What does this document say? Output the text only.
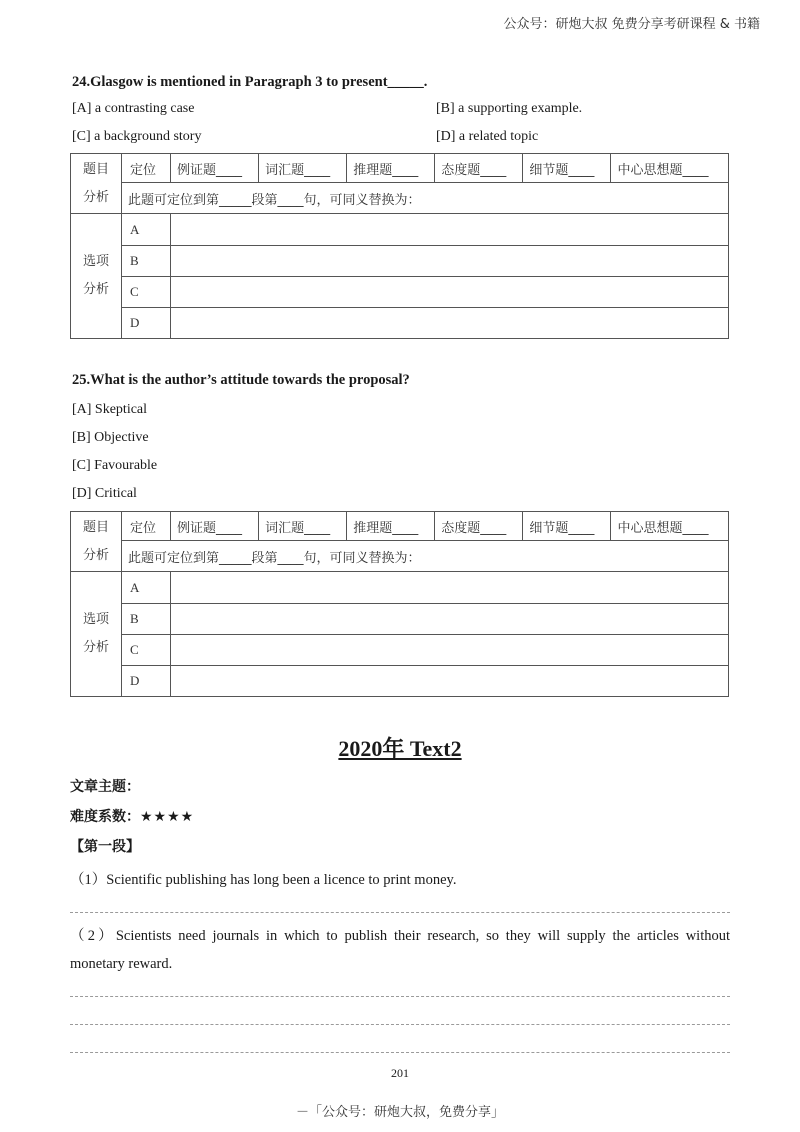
公众号：研炮大叔 免费分享考研课程 & 书籍
24.Glasgow is mentioned in Paragraph 3 to present_____.
[A] a contrasting case	[B] a supporting example.
[C] a background story	[D] a related topic
题目
分析	定位	例证题____	词汇题____	推理题____	态度题____	细节题____	中心思想题____
	此题可定位到第_____段第____句，可同义替换为：						

选项
分析	A						
	B						
	C						
	D						
25.What is the author’s attitude towards the proposal?
[A] Skeptical
[B] Objective
[C] Favourable
[D] Critical
题目
分析	定位	例证题____	词汇题____	推理题____	态度题____	细节题____	中心思想题____
	此题可定位到第_____段第____句，可同义替换为：						

选项
分析	A						
	B						
	C						
	D						
2020年 Text2
文章主题：
难度系数：★★★★
【第一段】
（1）Scientific publishing has long been a licence to print money.
（2）Scientists need journals in which to publish their research, so they will supply the articles without monetary reward.
201
－「公众号：研炮大叔，免费分享」
